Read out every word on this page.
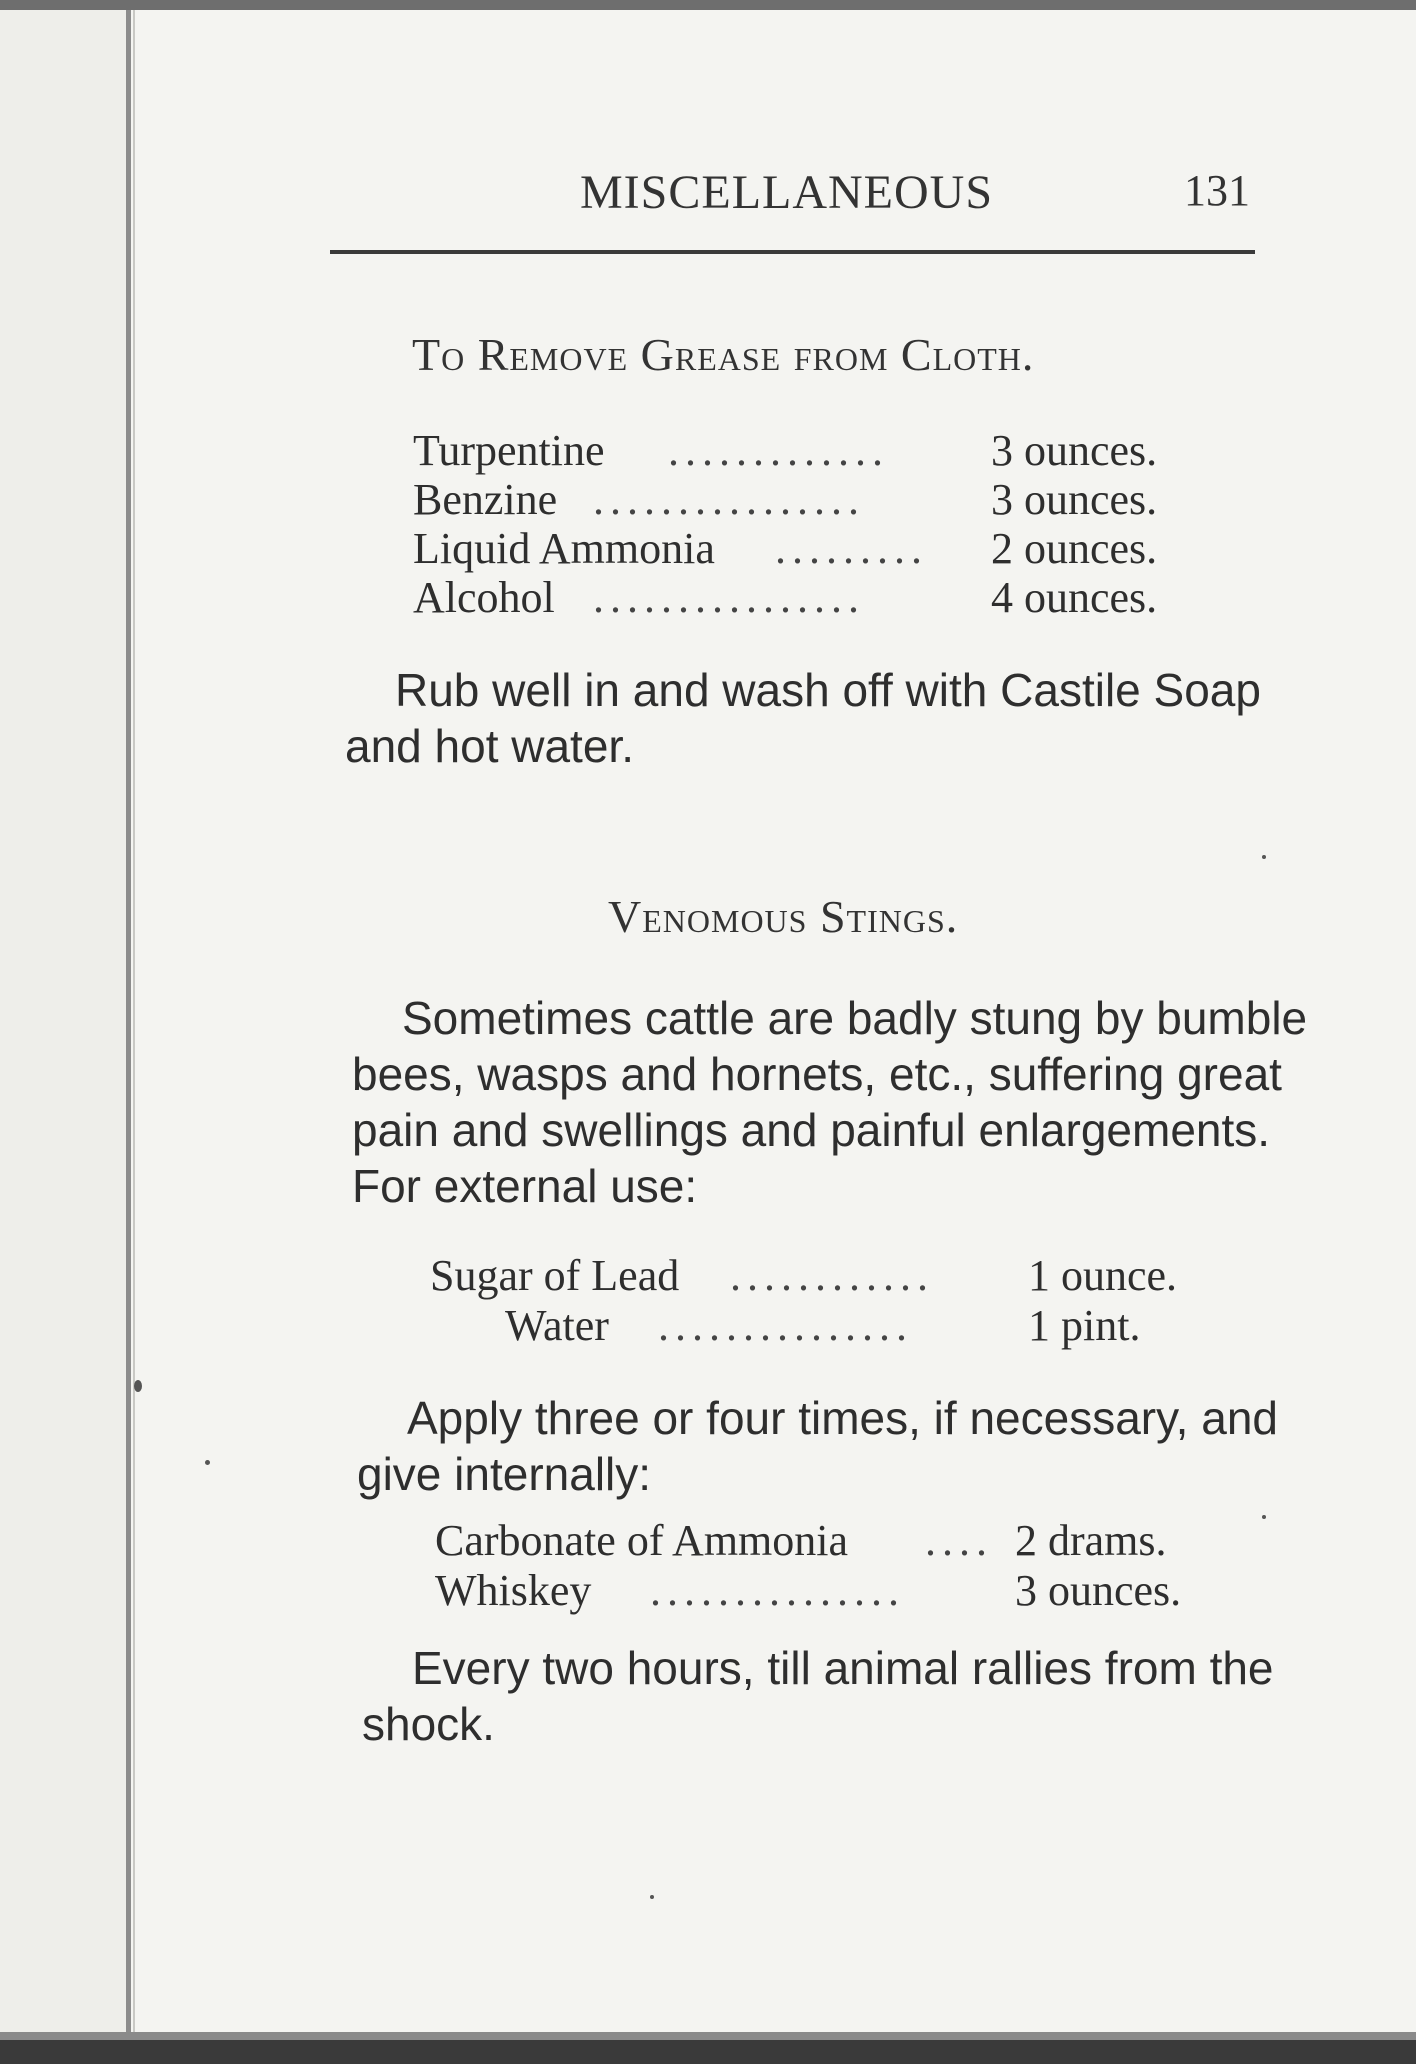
MISCELLANEOUS	131
To Remove Grease from Cloth.
Turpentine ............. 3 ounces.
Benzine ................	3 ounces.
Liquid Ammonia ......... 2 ounces.
Alcohol ................	4 ounces.
Rub well in and wash off with Castile Soap
and hot water.
Venomous Stings.
Sometimes cattle are badly stung by bumble
bees, wasps and hornets, etc., suffering great
pain and swellings and painful enlargements.
For external use:
Sugar of Lead ............ 1 ounce.
Water ...............	1 pint.
Apply three or four times, if necessary, and
give internally:
Carbonate of Ammonia .... 2 drams.
Whiskey ...............	3 ounces.
Every two hours, till animal rallies from the
shock.
